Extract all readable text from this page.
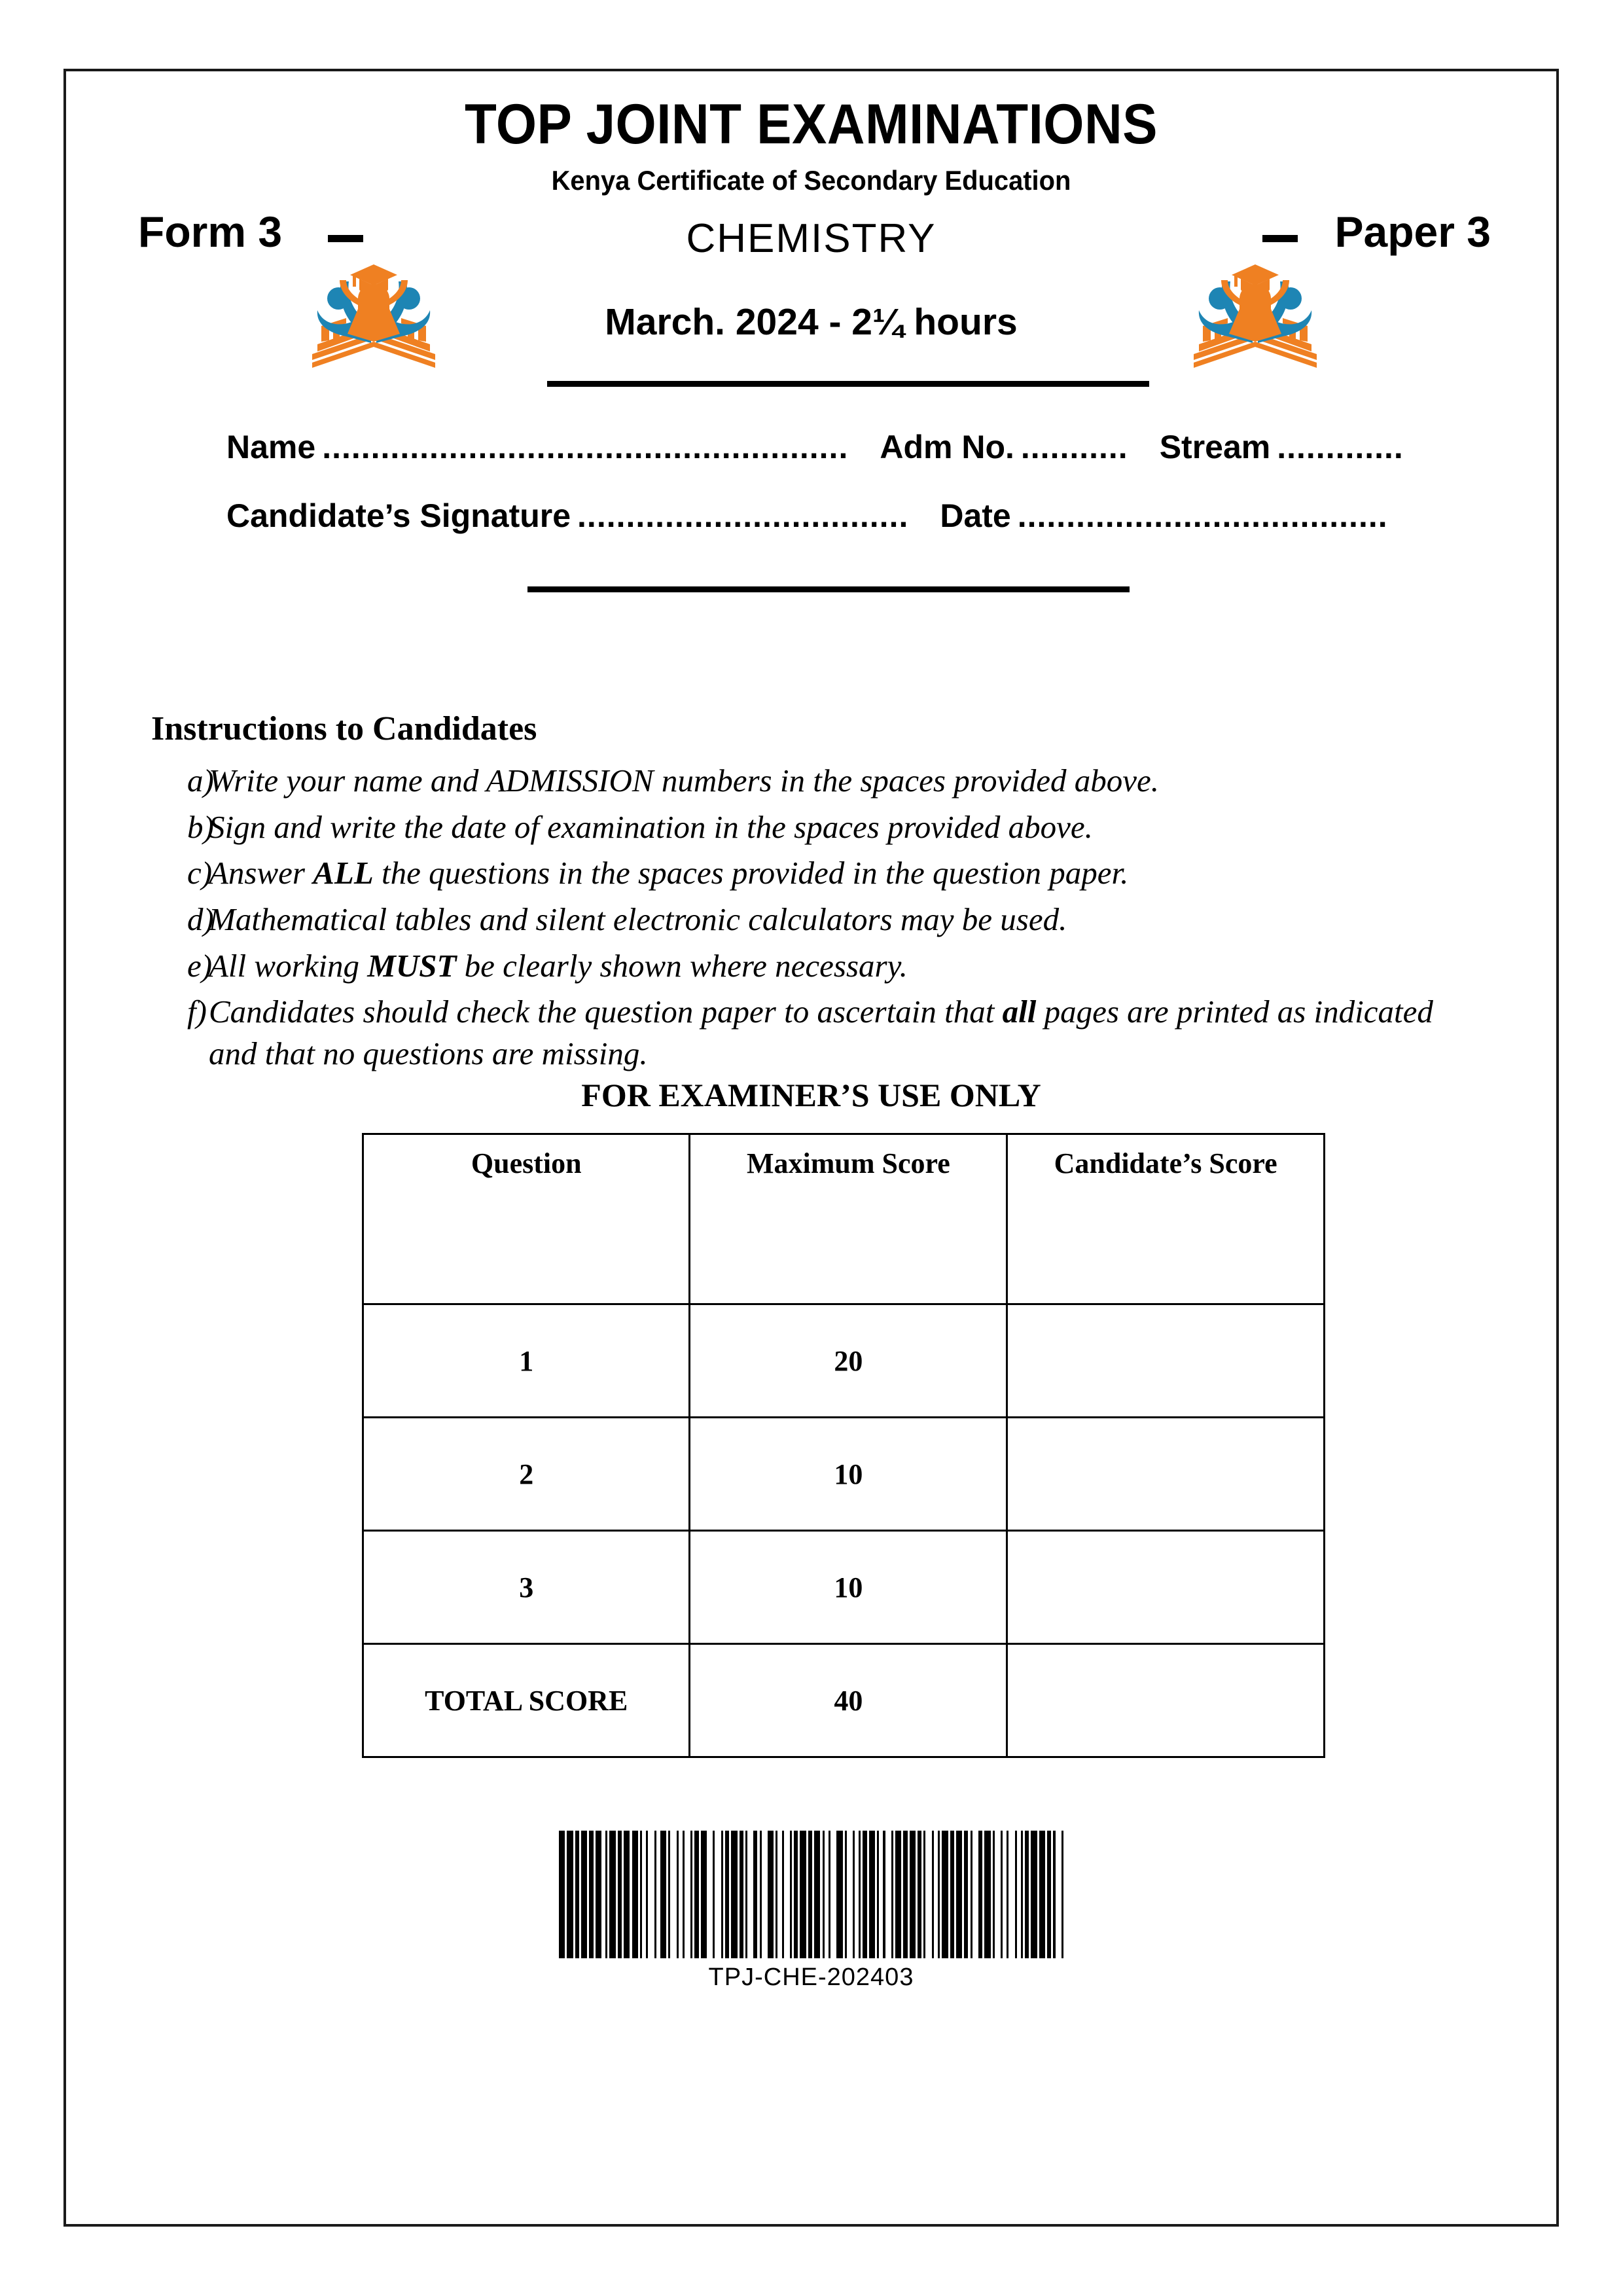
TOP JOINT EXAMINATIONS
Kenya Certificate of Secondary Education
Form 3	CHEMISTRY	Paper 3
March. 2024 - 2¼ hours
Name ...................................................... Adm No. ........... Stream .............
Candidate’s Signature .................................. Date ......................................
Instructions to Candidates
a)
Write your name and ADMISSION numbers in the spaces provided above.
b)
Sign and write the date of examination in the spaces provided above.
c)
Answer ALL the questions in the spaces provided in the question paper.
d)
Mathematical tables and silent electronic calculators may be used.
e)
All working MUST be clearly shown where necessary.
f) Candidates should check the question paper to ascertain that all pages are printed as indicated and that no questions are missing.
FOR EXAMINER’S USE ONLY
Question	Maximum Score	Candidate’s Score
1	20	
2	10	
3	10	
TOTAL SCORE	40	
TPJ-CHE-202403
